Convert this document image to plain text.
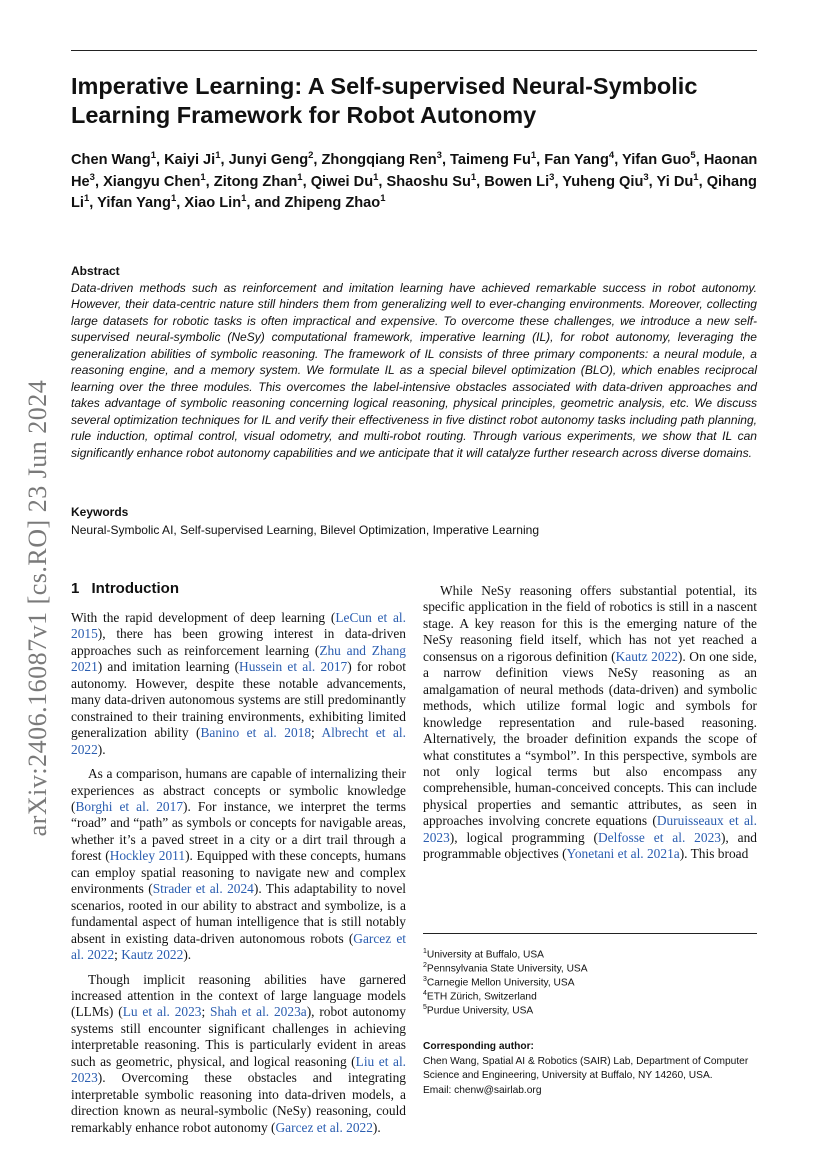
arXiv:2406.16087v1 [cs.RO] 23 Jun 2024
Imperative Learning: A Self-supervised Neural-Symbolic Learning Framework for Robot Autonomy
Chen Wang$^1$, Kaiyi Ji$^1$, Junyi Geng$^2$, Zhongqiang Ren$^3$, Taimeng Fu$^1$, Fan Yang$^4$, Yifan Guo$^5$, Haonan He$^3$, Xiangyu Chen$^1$, Zitong Zhan$^1$, Qiwei Du$^1$, Shaoshu Su$^1$, Bowen Li$^3$, Yuheng Qiu$^3$, Yi Du$^1$, Qihang Li$^1$, Yifan Yang$^1$, Xiao Lin$^1$, and Zhipeng Zhao$^1$
Abstract
Data-driven methods such as reinforcement and imitation learning have achieved remarkable success in robot autonomy. However, their data-centric nature still hinders them from generalizing well to ever-changing environments. Moreover, collecting large datasets for robotic tasks is often impractical and expensive. To overcome these challenges, we introduce a new self-supervised neural-symbolic (NeSy) computational framework, imperative learning (IL), for robot autonomy, leveraging the generalization abilities of symbolic reasoning. The framework of IL consists of three primary components: a neural module, a reasoning engine, and a memory system. We formulate IL as a special bilevel optimization (BLO), which enables reciprocal learning over the three modules. This overcomes the label-intensive obstacles associated with data-driven approaches and takes advantage of symbolic reasoning concerning logical reasoning, physical principles, geometric analysis, etc. We discuss several optimization techniques for IL and verify their effectiveness in five distinct robot autonomy tasks including path planning, rule induction, optimal control, visual odometry, and multi-robot routing. Through various experiments, we show that IL can significantly enhance robot autonomy capabilities and we anticipate that it will catalyze further research across diverse domains.
Keywords
Neural-Symbolic AI, Self-supervised Learning, Bilevel Optimization, Imperative Learning
1 Introduction

With the rapid development of deep learning (LeCun et al. 2015), there has been growing interest in data-driven approaches such as reinforcement learning (Zhu and Zhang 2021) and imitation learning (Hussein et al. 2017) for robot autonomy. However, despite these notable advancements, many data-driven autonomous systems are still predominantly constrained to their training environments, exhibiting limited generalization ability (Banino et al. 2018; Albrecht et al. 2022).

As a comparison, humans are capable of internalizing their experiences as abstract concepts or symbolic knowledge (Borghi et al. 2017). For instance, we interpret the terms “road” and “path” as symbols or concepts for navigable areas, whether it’s a paved street in a city or a dirt trail through a forest (Hockley 2011). Equipped with these concepts, humans can employ spatial reasoning to navigate new and complex environments (Strader et al. 2024). This adaptability to novel scenarios, rooted in our ability to abstract and symbolize, is a fundamental aspect of human intelligence that is still notably absent in existing data-driven autonomous robots (Garcez et al. 2022; Kautz 2022).

Though implicit reasoning abilities have garnered increased attention in the context of large language models (LLMs) (Lu et al. 2023; Shah et al. 2023a), robot autonomy systems still encounter significant challenges in achieving interpretable reasoning. This is particularly evident in areas such as geometric, physical, and logical reasoning (Liu et al. 2023). Overcoming these obstacles and integrating interpretable symbolic reasoning into data-driven models, a direction known as neural-symbolic (NeSy) reasoning, could remarkably enhance robot autonomy (Garcez et al. 2022).

While NeSy reasoning offers substantial potential, its specific application in the field of robotics is still in a nascent stage. A key reason for this is the emerging nature of the NeSy reasoning field itself, which has not yet reached a consensus on a rigorous definition (Kautz 2022). On one side, a narrow definition views NeSy reasoning as an amalgamation of neural methods (data-driven) and symbolic methods, which utilize formal logic and symbols for knowledge representation and rule-based reasoning. Alternatively, the broader definition expands the scope of what constitutes a “symbol”. In this perspective, symbols are not only logical terms but also encompass any comprehensible, human-conceived concepts. This can include physical properties and semantic attributes, as seen in approaches involving concrete equations (Duruisseaux et al. 2023), logical programming (Delfosse et al. 2023), and programmable objectives (Yonetani et al. 2021a). This broad

$^1$University at Buffalo, USA
$^2$Pennsylvania State University, USA
$^3$Carnegie Mellon University, USA
$^4$ETH Zürich, Switzerland
$^5$Purdue University, USA
Corresponding author:
Chen Wang, Spatial AI & Robotics (SAIR) Lab, Department of Computer Science and Engineering, University at Buffalo, NY 14260, USA.
Email: chenw@sairlab.org
